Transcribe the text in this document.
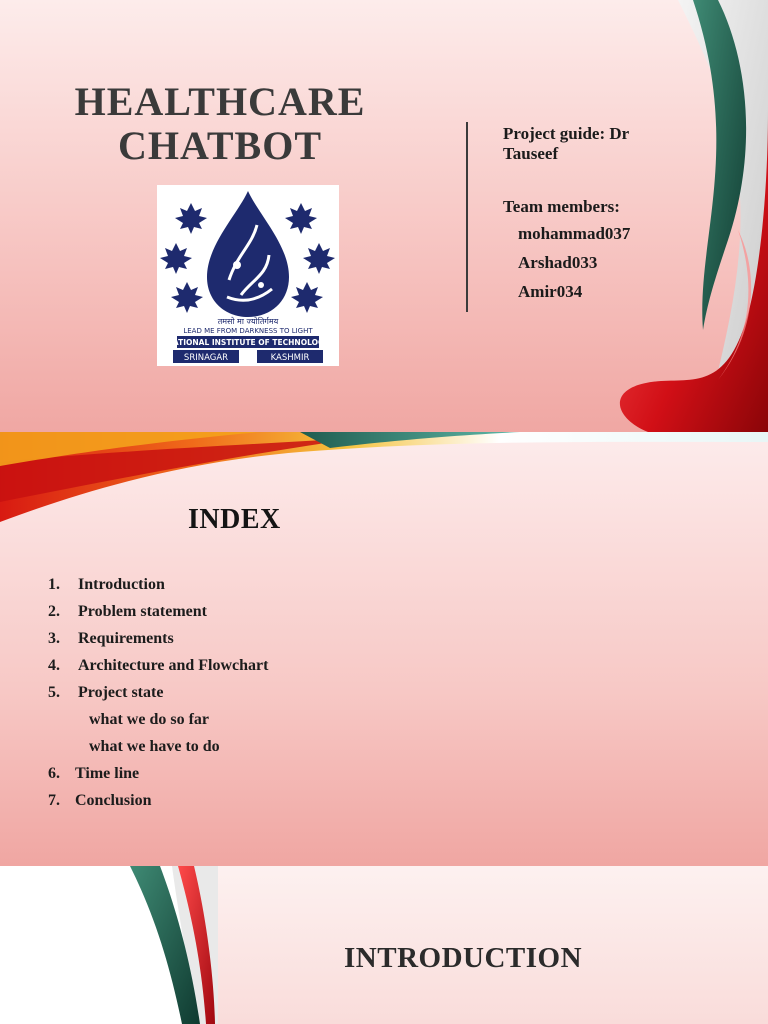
HEALTHCARE
CHATBOT
तमसो मा ज्योतिर्गमय
LEAD ME FROM DARKNESS TO LIGHT
NATIONAL INSTITUTE OF TECHNOLOGY
SRINAGAR	KASHMIR
Project guide: Dr
Tauseef
Team members:
mohammad037
Arshad033
Amir034
INDEX
1. Introduction
2. Problem statement
3. Requirements
4. Architecture and Flowchart
5. Project state
what we do so far
what we have to do
6. Time line
7. Conclusion
INTRODUCTION
